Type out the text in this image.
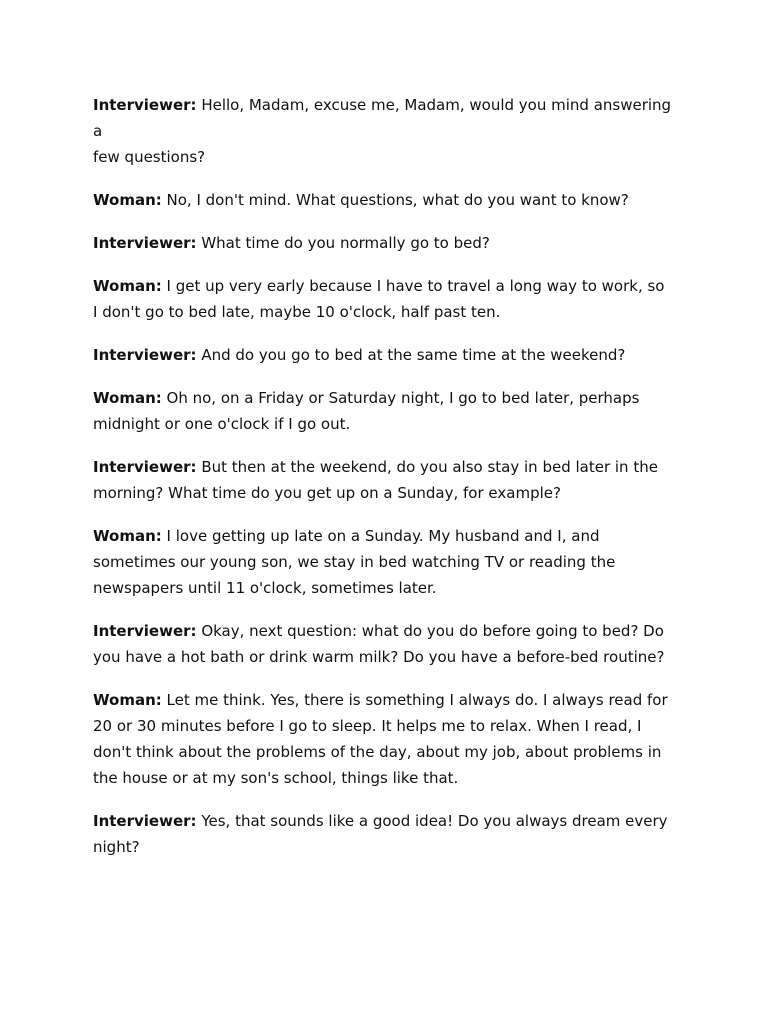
Interviewer: Hello, Madam, excuse me, Madam, would you mind answering a
few questions?

Woman: No, I don't mind. What questions, what do you want to know?

Interviewer: What time do you normally go to bed?

Woman: I get up very early because I have to travel a long way to work, so I don't go to bed late, maybe 10 o'clock, half past ten.

Interviewer: And do you go to bed at the same time at the weekend?

Woman: Oh no, on a Friday or Saturday night, I go to bed later, perhaps midnight or one o'clock if I go out.

Interviewer: But then at the weekend, do you also stay in bed later in the morning? What time do you get up on a Sunday, for example?

Woman: I love getting up late on a Sunday. My husband and I, and sometimes our young son, we stay in bed watching TV or reading the newspapers until 11 o'clock, sometimes later.

Interviewer: Okay, next question: what do you do before going to bed? Do you have a hot bath or drink warm milk? Do you have a before-bed routine?

Woman: Let me think. Yes, there is something I always do. I always read for 20 or 30 minutes before I go to sleep. It helps me to relax. When I read, I don't think about the problems of the day, about my job, about problems in the house or at my son's school, things like that.

Interviewer: Yes, that sounds like a good idea! Do you always dream every night?
